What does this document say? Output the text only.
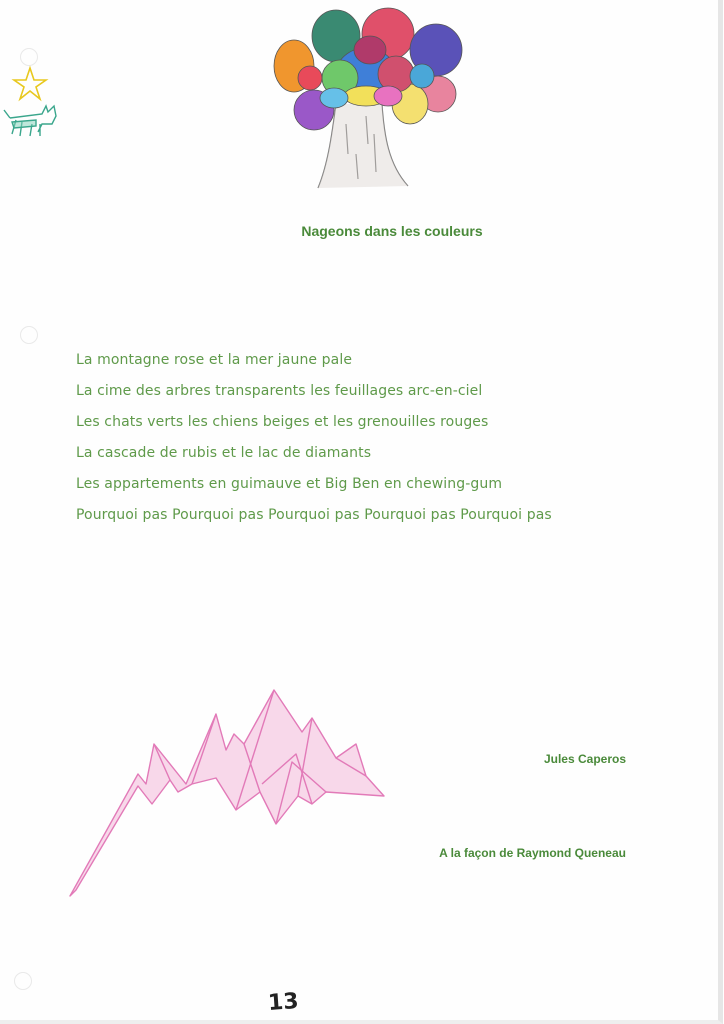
Nageons dans les couleurs
La montagne rose et la mer jaune pale
La cime des arbres transparents les feuillages arc-en-ciel
Les chats verts les chiens beiges et les grenouilles rouges
La cascade de rubis et le lac de diamants
Les appartements en guimauve et Big Ben en chewing-gum
Pourquoi pas Pourquoi pas Pourquoi pas Pourquoi pas Pourquoi pas
Jules Caperos
A la façon de Raymond Queneau
13
